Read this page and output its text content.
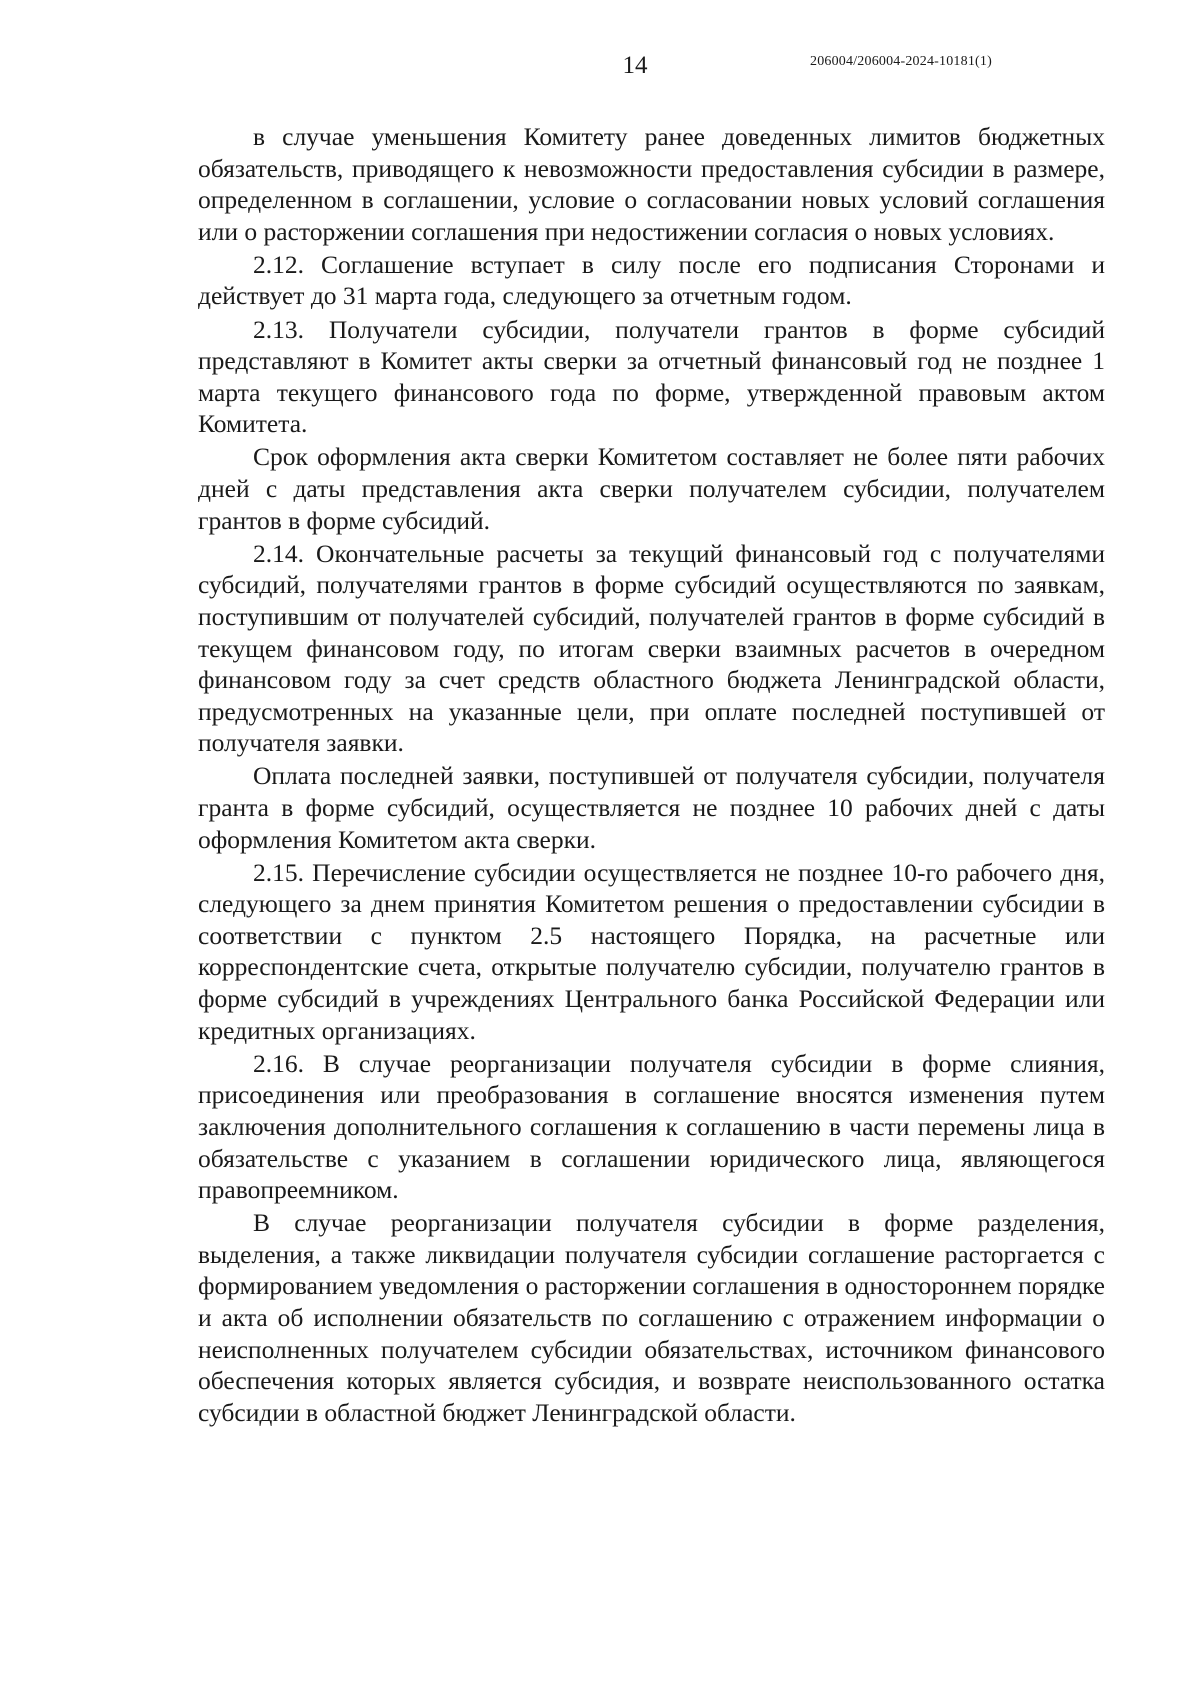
14	206004/206004-2024-10181(1)

в случае уменьшения Комитету ранее доведенных лимитов бюджетных обязательств, приводящего к невозможности предоставления субсидии в размере, определенном в соглашении, условие о согласовании новых условий соглашения или о расторжении соглашения при недостижении согласия о новых условиях.

2.12. Соглашение вступает в силу после его подписания Сторонами и действует до 31 марта года, следующего за отчетным годом.

2.13. Получатели субсидии, получатели грантов в форме субсидий представляют в Комитет акты сверки за отчетный финансовый год не позднее 1 марта текущего финансового года по форме, утвержденной правовым актом Комитета.

Срок оформления акта сверки Комитетом составляет не более пяти рабочих дней с даты представления акта сверки получателем субсидии, получателем грантов в форме субсидий.

2.14. Окончательные расчеты за текущий финансовый год с получателями субсидий, получателями грантов в форме субсидий осуществляются по заявкам, поступившим от получателей субсидий, получателей грантов в форме субсидий в текущем финансовом году, по итогам сверки взаимных расчетов в очередном финансовом году за счет средств областного бюджета Ленинградской области, предусмотренных на указанные цели, при оплате последней поступившей от получателя заявки.

Оплата последней заявки, поступившей от получателя субсидии, получателя гранта в форме субсидий, осуществляется не позднее 10 рабочих дней с даты оформления Комитетом акта сверки.

2.15. Перечисление субсидии осуществляется не позднее 10-го рабочего дня, следующего за днем принятия Комитетом решения о предоставлении субсидии в соответствии с пунктом 2.5 настоящего Порядка, на расчетные или корреспондентские счета, открытые получателю субсидии, получателю грантов в форме субсидий в учреждениях Центрального банка Российской Федерации или кредитных организациях.

2.16. В случае реорганизации получателя субсидии в форме слияния, присоединения или преобразования в соглашение вносятся изменения путем заключения дополнительного соглашения к соглашению в части перемены лица в обязательстве с указанием в соглашении юридического лица, являющегося правопреемником.

В случае реорганизации получателя субсидии в форме разделения, выделения, а также ликвидации получателя субсидии соглашение расторгается с формированием уведомления о расторжении соглашения в одностороннем порядке и акта об исполнении обязательств по соглашению с отражением информации о неисполненных получателем субсидии обязательствах, источником финансового обеспечения которых является субсидия, и возврате неиспользованного остатка субсидии в областной бюджет Ленинградской области.
